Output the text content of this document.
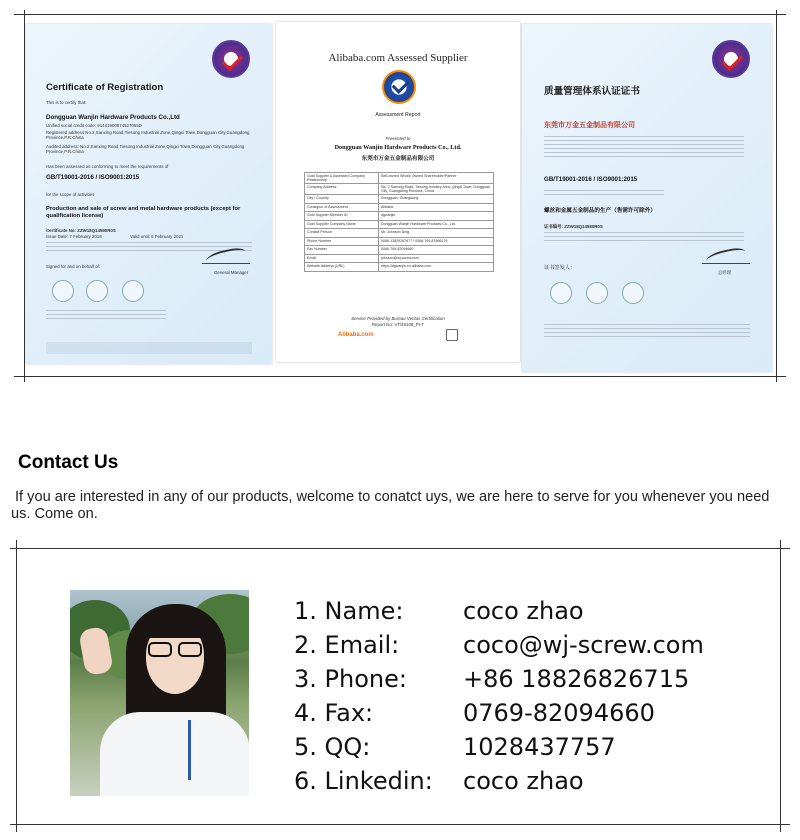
Certificate of Registration
This is to certify that:
Dongguan Wanjin Hardware Products Co.,Ltd
Unified social credit code: 91441900574527055D
Registered address:No.2,Sanxing Road,Tiesong Industrial Zone,Qingxi Town,Dongguan City,Guangdong Province,P.R.China
Audited address: No.2,Sanxing Road,Tiesong Industrial Zone,Qingxi Town,Dongguan City,Guangdong Province,P.R.China
Has been assessed as conforming to meet the requirements of
GB/T19001-2016 / ISO9001:2015
for the scope of activities
Production and sale of screw and metal hardware products (except for qualification license)
Certificate No: ZZW18Q14580R0S
Issue Date: 7 February 2018	Valid until: 6 February 2021
Signed for and on behalf of:
General Manager
Alibaba.com Assessed Supplier
Assessment Report
Presented to
Dongguan Wanjin Hardware Products Co., Ltd.
东莞市万金五金制品有限公司
Gold Supplier & Assessed Company Relationship	Self-owned Wholly Owned Shareholder/Partner
Company Address	No. 2 Sanxing Road, Tiesong Industry Area, Qingxi Town, Dongguan City, Guangdong Province, China
City / Country	Dongguan, Guangdong
Consignor of Assessment	Alibaba
Gold Supplier Member ID	dgwanjin
Gold Supplier Company Name	Dongguan Wanjin Hardware Products Co., Ltd.
Contact Person	Mr. Johnson Ding
Phone Number	0086-13829267677 / 0086-769-87866176
Fax Number	0086-769-82094660
Email	johnson@wj-screw.com
Website Address (URL)	https://dgwanjin.en.alibaba.com
Service Provided by Bureau Veritas Certification
Report No: VT/46108_PI-T
Alibaba.com
质量管理体系认证证书
东莞市万金五金制品有限公司
GB/T19001-2016 / ISO9001:2015
螺丝和金属五金制品的生产（售需许可除外）
证书编号: ZZW18Q14580R0S
总经理
证书签发人：
Contact Us
If you are interested in any of our products, welcome to conatct uys, we are here to serve for you whenever you need us. Come on.
1. Name: coco zhao
2. Email:	coco@wj-screw.com
3. Phone: +86 18826826715
4. Fax:	0769-82094660
5. QQ:	1028437757
6. Linkedin: coco zhao
